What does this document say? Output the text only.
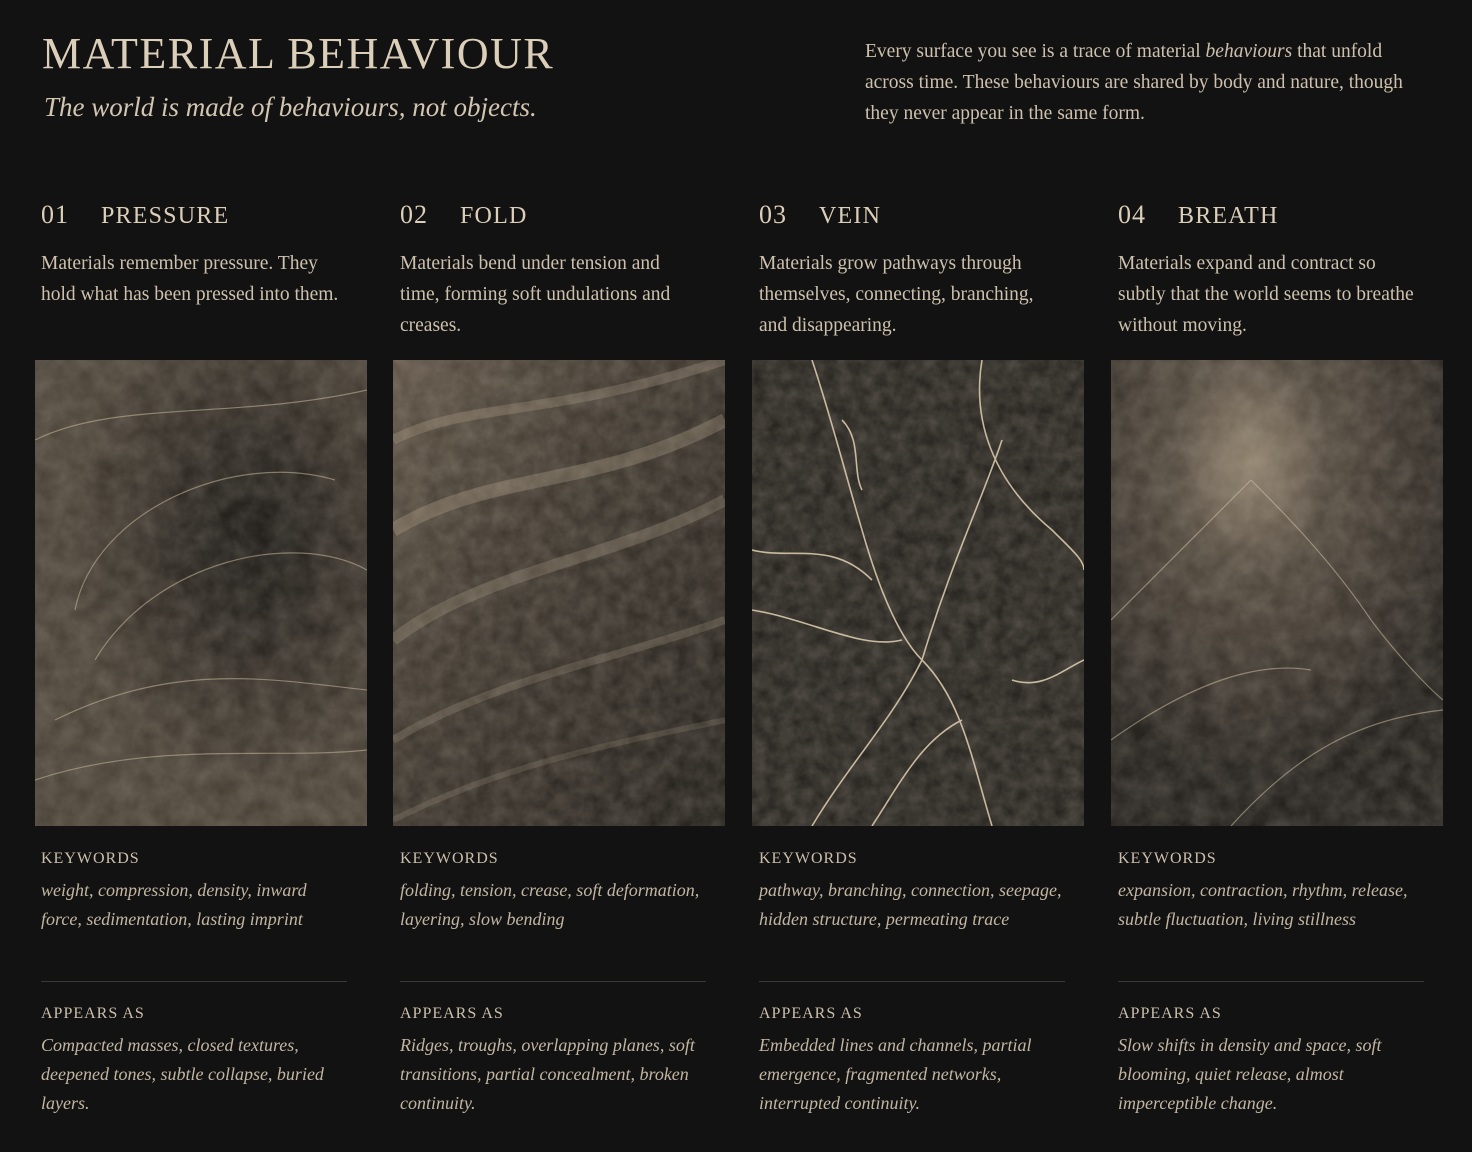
MATERIAL BEHAVIOUR
The world is made of behaviours, not objects.

Every surface you see is a trace of material behaviours that unfold across time. These behaviours are shared by body and nature, though they never appear in the same form.

01	PRESSURE

Materials remember pressure. They hold what has been pressed into them.

KEYWORDS

weight, compression, density, inward force, sedimentation, lasting imprint

APPEARS AS

Compacted masses, closed textures, deepened tones, subtle collapse, buried layers.

02	FOLD

Materials bend under tension and time, forming soft undulations and creases.

KEYWORDS

folding, tension, crease, soft deformation, layering, slow bending

APPEARS AS

Ridges, troughs, overlapping planes, soft transitions, partial concealment, broken continuity.

03	VEIN

Materials grow pathways through themselves, connecting, branching, and disappearing.

KEYWORDS

pathway, branching, connection, seepage, hidden structure, permeating trace

APPEARS AS

Embedded lines and channels, partial emergence, fragmented networks, interrupted continuity.

04	BREATH

Materials expand and contract so subtly that the world seems to breathe without moving.

KEYWORDS

expansion, contraction, rhythm, release, subtle fluctuation, living stillness

APPEARS AS

Slow shifts in density and space, soft blooming, quiet release, almost imperceptible change.
